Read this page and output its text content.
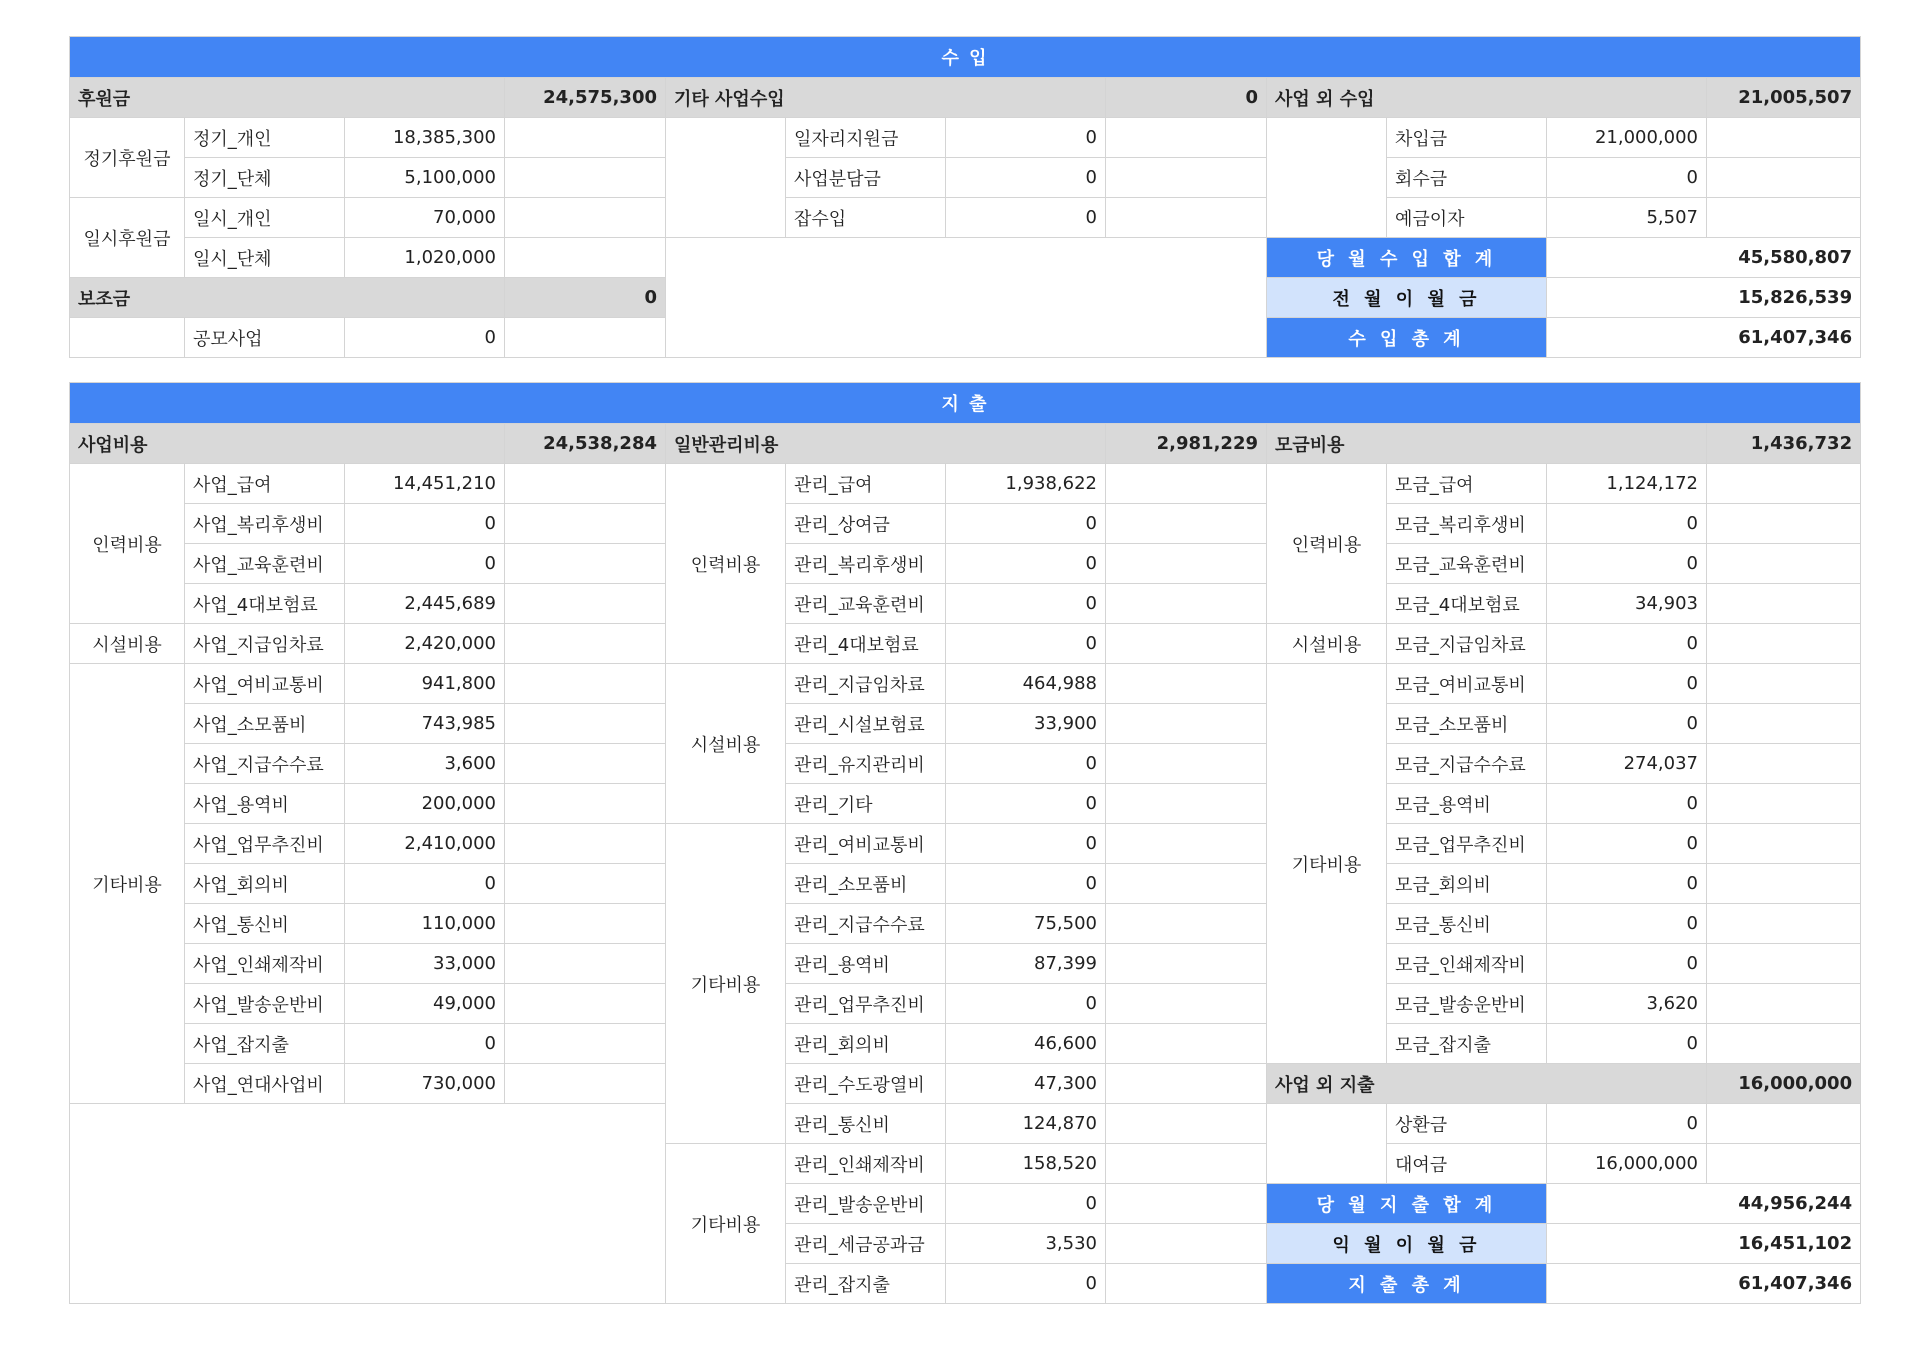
수 입											
후원금			24,575,300	기타 사업수입			0	사업 외 수입			21,005,507
정기후원금	정기_개인	18,385,300			일자리지원금	0			차입금	21,000,000	
	정기_단체	5,100,000			사업분담금	0			회수금	0	
일시후원금	일시_개인	70,000			잡수입	0			예금이자	5,507	
	일시_단체	1,020,000						당 월 수 입 합 계		45,580,807	
보조금			0					전 월 이 월 금		15,826,539	
	공모사업	0						수 입 총 계		61,407,346	
지 출											
사업비용			24,538,284	일반관리비용			2,981,229	모금비용			1,436,732
인력비용	사업_급여	14,451,210		인력비용	관리_급여	1,938,622		인력비용	모금_급여	1,124,172	
	사업_복리후생비	0			관리_상여금	0			모금_복리후생비	0	
	사업_교육훈련비	0			관리_복리후생비	0			모금_교육훈련비	0	
	사업_4대보험료	2,445,689			관리_교육훈련비	0			모금_4대보험료	34,903	
시설비용	사업_지급임차료	2,420,000			관리_4대보험료	0		시설비용	모금_지급임차료	0	
기타비용	사업_여비교통비	941,800		시설비용	관리_지급임차료	464,988		기타비용	모금_여비교통비	0	
	사업_소모품비	743,985			관리_시설보험료	33,900			모금_소모품비	0	
	사업_지급수수료	3,600			관리_유지관리비	0			모금_지급수수료	274,037	
	사업_용역비	200,000			관리_기타	0			모금_용역비	0	
	사업_업무추진비	2,410,000		기타비용	관리_여비교통비	0			모금_업무추진비	0	
	사업_회의비	0			관리_소모품비	0			모금_회의비	0	
	사업_통신비	110,000			관리_지급수수료	75,500			모금_통신비	0	
	사업_인쇄제작비	33,000			관리_용역비	87,399			모금_인쇄제작비	0	
	사업_발송운반비	49,000			관리_업무추진비	0			모금_발송운반비	3,620	
	사업_잡지출	0			관리_회의비	46,600			모금_잡지출	0	
	사업_연대사업비	730,000			관리_수도광열비	47,300		사업 외 지출			16,000,000
					관리_통신비	124,870			상환금	0	
				기타비용	관리_인쇄제작비	158,520			대여금	16,000,000	
					관리_발송운반비	0		당 월 지 출 합 계		44,956,244	
					관리_세금공과금	3,530		익 월 이 월 금		16,451,102	
					관리_잡지출	0		지 출 총 계		61,407,346	
